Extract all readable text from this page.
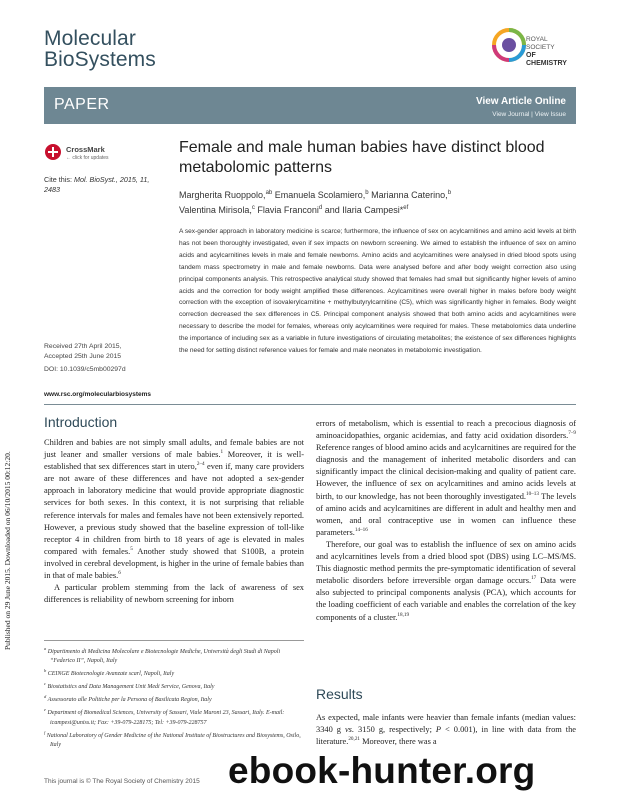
Published on 29 June 2015. Downloaded on 06/10/2015 00:12:20.
Molecular
BioSystems
ROYAL SOCIETY
OF CHEMISTRY
PAPER	View Article Online
View Journal | View Issue
CrossMark
← click for updates
Cite this: Mol. BioSyst., 2015, 11, 2483
Female and male human babies have distinct blood metabolomic patterns
Margherita Ruoppolo,$^{ab}$ Emanuela Scolamiero,$^b$ Marianna Caterino,$^b$
Valentina Mirisola,$^c$ Flavia Franconi$^d$ and Ilaria Campesi*$^{ef}$
A sex-gender approach in laboratory medicine is scarce; furthermore, the influence of sex on acylcarnitines and amino acid levels at birth has not been thoroughly investigated, even if sex impacts on newborn screening. We aimed to establish the influence of sex on amino acids and acylcarnitines levels in male and female newborns. Amino acids and acylcarnitines were analysed in dried blood spots using tandem mass spectrometry in male and female newborns. Data were analysed before and after body weight correction also using principal components analysis. This retrospective analytical study showed that females had small but significantly higher levels of amino acids and the correction for body weight amplified these differences. Acylcarnitines were overall higher in males before body weight correction with the exception of isovalerylcarnitine + methylbutyrylcarnitine (C5), which was significantly higher in females. Body weight correction decreased the sex differences in C5. Principal component analysis showed that both amino acids and acylcarnitines were necessary to describe the model for females, whereas only acylcarnitines were required for males. These metabolomics data underline the importance of including sex as a variable in future investigations of circulating metabolites; the existence of sex differences highlights the need for setting distinct reference values for female and male neonates in metabolomic investigation.
Received 27th April 2015,
Accepted 25th June 2015
DOI: 10.1039/c5mb00297d
www.rsc.org/molecularbiosystems
Introduction

Children and babies are not simply small adults, and female babies are not just leaner and smaller versions of male babies.$^1$ Moreover, it is well-established that sex differences start in utero,$^{2-4}$ even if, many care providers are not aware of these differences and have not adopted a sex-gender approach in laboratory medicine that would provide appropriate diagnostic services for both sexes. In this context, it is not surprising that reliable reference intervals for males and females have not been extensively reported. However, a previous study showed that the baseline expression of toll-like receptor 4 in children from birth to 18 years of age is elevated in males compared with females.$^5$ Another study showed that S100B, a protein involved in cerebral development, is higher in the urine of female babies than in that of male babies.$^6$

A particular problem stemming from the lack of awareness of sex differences is reliability of newborn screening for inborn

$^a$ Dipartimento di Medicina Molecolare e Biotecnologie Mediche, Università degli Studi di Napoli “Federico II”, Napoli, Italy
$^b$ CEINGE Biotecnologie Avanzate scarl, Napoli, Italy
$^c$ Biostatistics and Data Management Unit Medi Service, Genova, Italy
$^d$ Assessorato alle Politiche per la Persona of Basilicata Region, Italy
$^e$ Department of Biomedical Sciences, University of Sassari, Viale Muroni 23, Sassari, Italy. E-mail: icampesi@uniss.it; Fax: +39-079-228175; Tel: +39-079-228757
$^f$ National Laboratory of Gender Medicine of the National Institute of Biostructures and Biosystems, Osilo, Italy

errors of metabolism, which is essential to reach a precocious diagnosis of aminoacidopathies, organic acidemias, and fatty acid oxidation disorders.$^{7-9}$ Reference ranges of blood amino acids and acylcarnitines are required for the diagnosis and the management of inherited metabolic disorders and can significantly impact the clinical decision-making and quality of patient care. However, the influence of sex on acylcarnitines and amino acids levels at birth, to our knowledge, has not been thoroughly investigated.$^{10-13}$ The levels of amino acids and acylcarnitines are different in adult and healthy men and women, and oral contraceptive use in women can influence these parameters.$^{14-16}$

Therefore, our goal was to establish the influence of sex on amino acids and acylcarnitines levels from a dried blood spot (DBS) using LC–MS/MS. This diagnostic method permits the pre-symptomatic identification of several metabolic disorders before irreversible organ damage occurs.$^{17}$ Data were also subjected to principal components analysis (PCA), which accounts for the loading coefficient of each variable and enables the correlation of the key components of a cluster.$^{18,19}$

Results

As expected, male infants were heavier than female infants (median values: 3340 g vs. 3150 g, respectively; P < 0.001), in line with data from the literature.$^{20,21}$ Moreover, there was a

This journal is © The Royal Society of Chemistry 2015 ebook-hunter.org
